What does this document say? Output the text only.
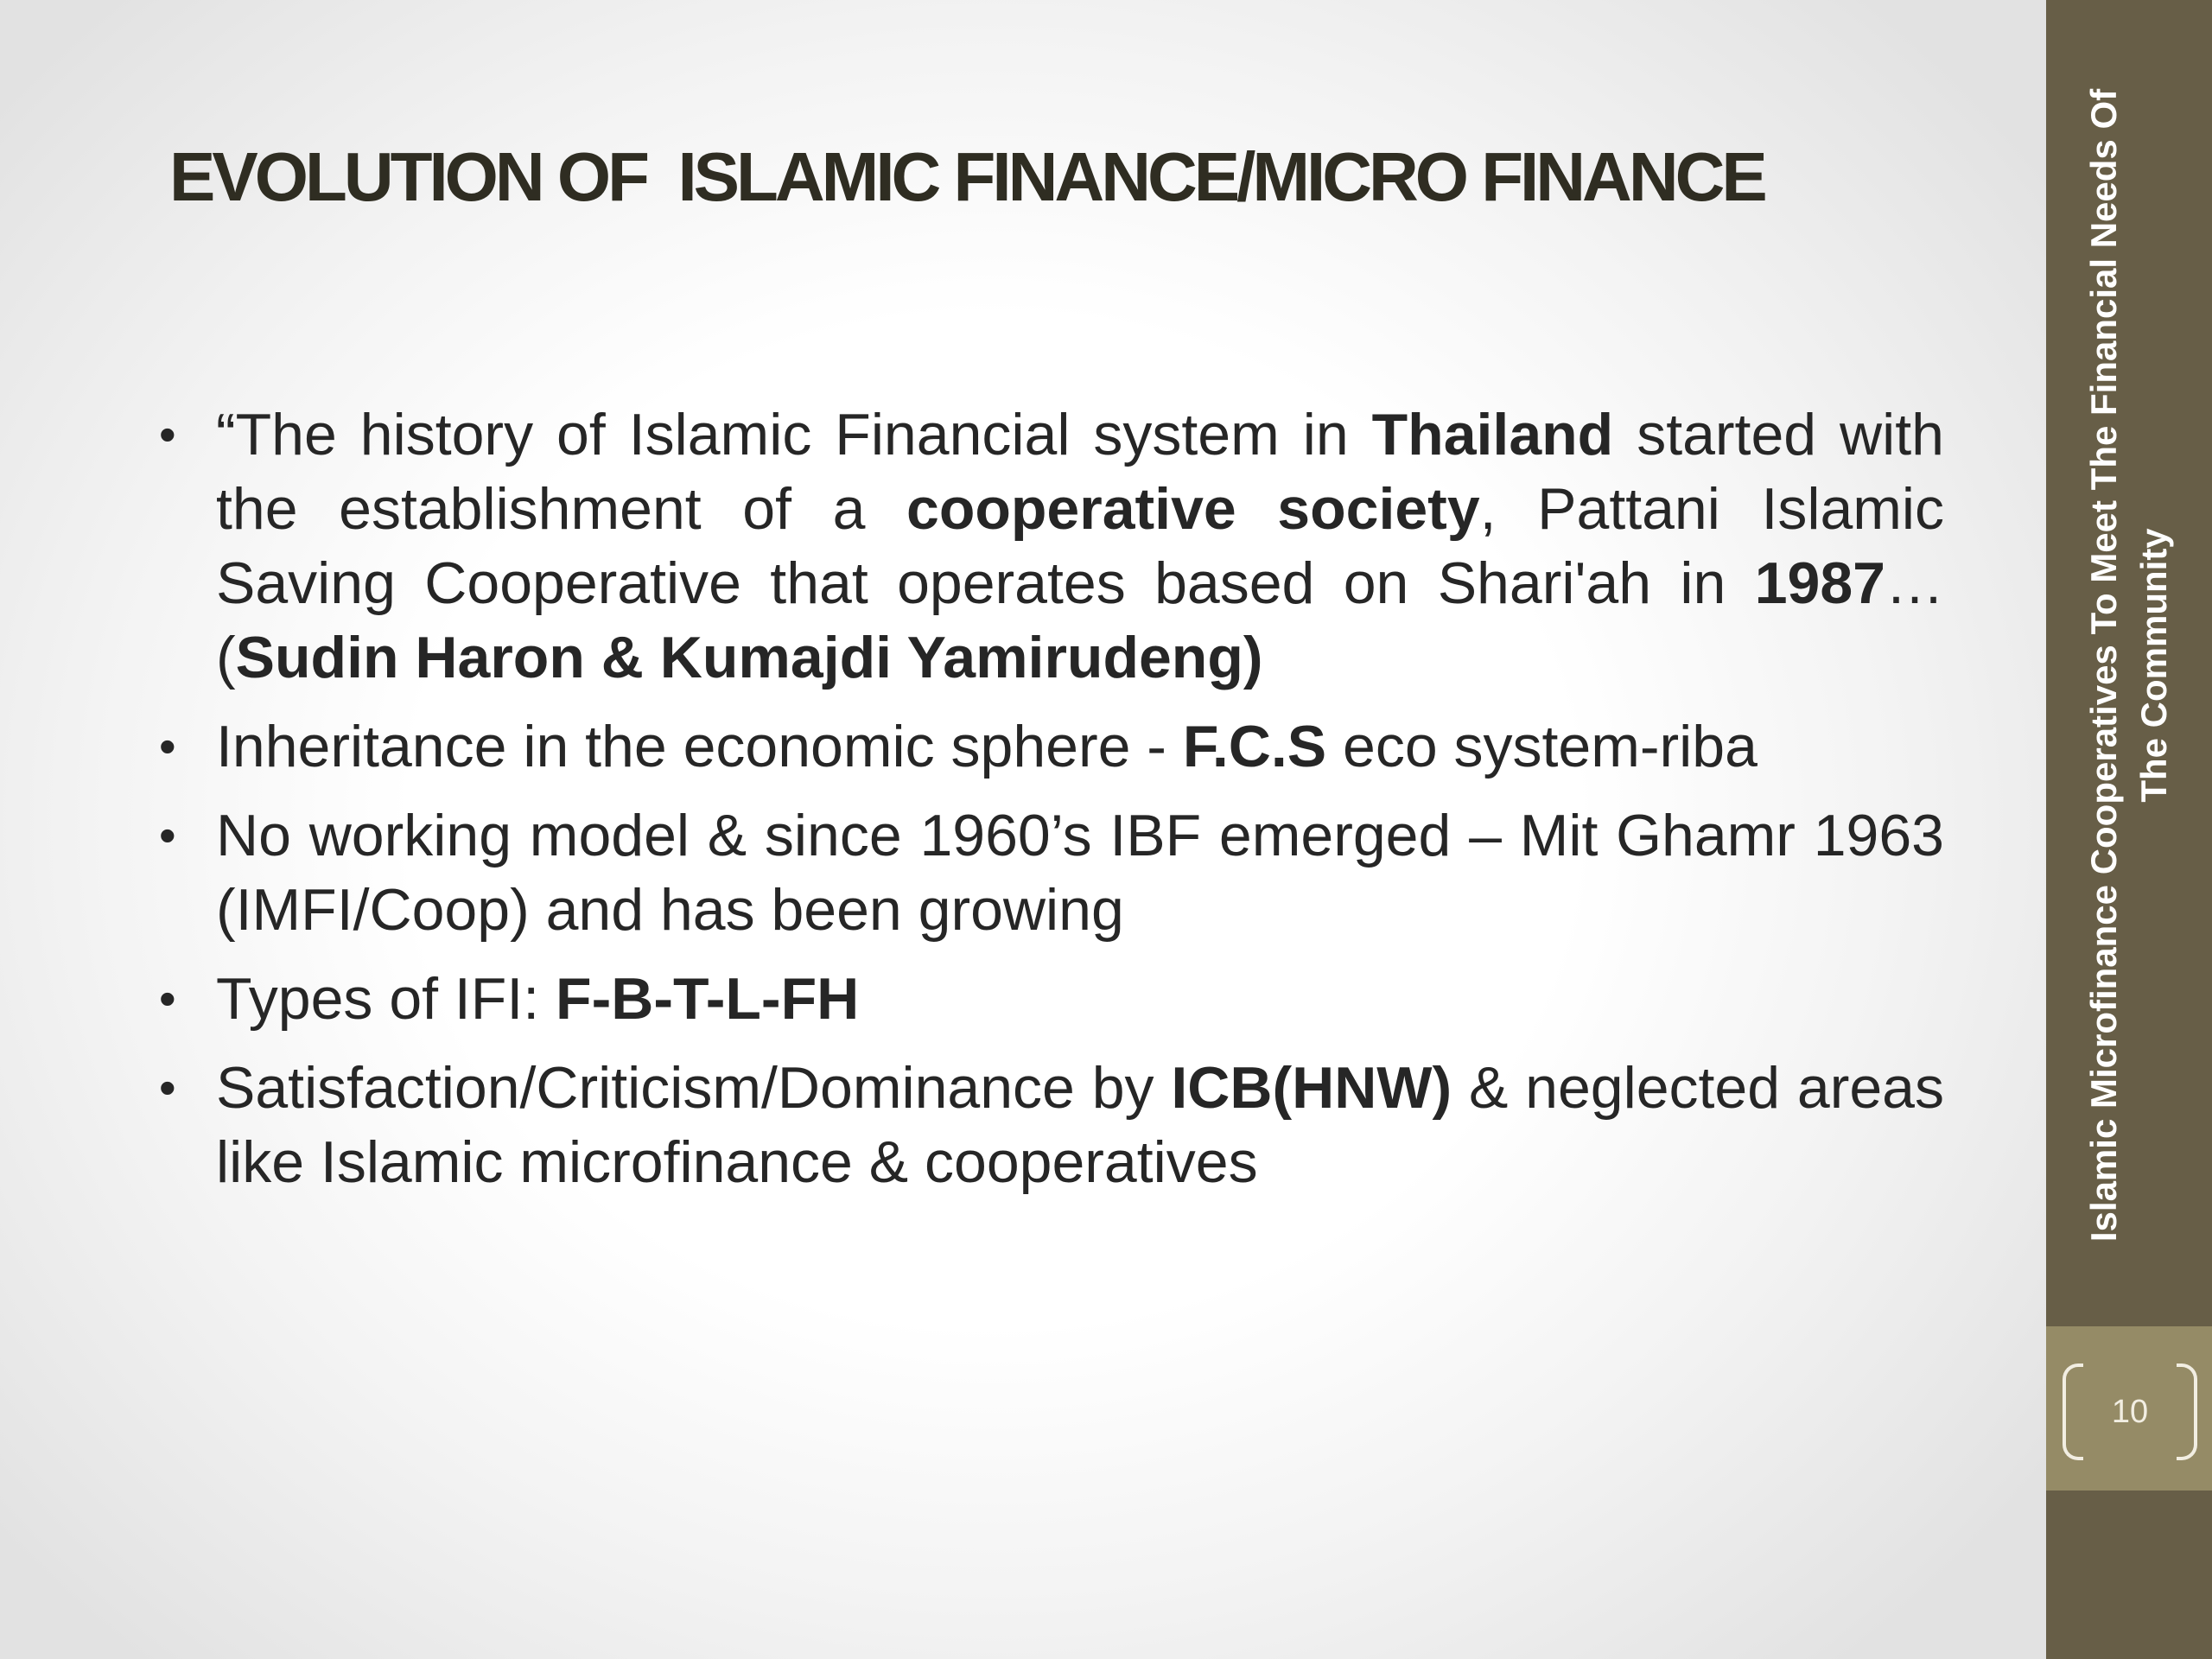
EVOLUTION OF  ISLAMIC FINANCE/MICRO FINANCE
• “The history of Islamic Financial system in Thailand started with the establishment of a cooperative society, Pattani Islamic Saving Cooperative that operates based on Shari'ah in 1987… (Sudin Haron & Kumajdi Yamirudeng)
• Inheritance in the economic sphere - F.C.S eco system-riba
• No working model & since 1960’s IBF emerged – Mit Ghamr 1963 (IMFI/Coop) and has been growing
• Types of IFI: F-B-T-L-FH
• Satisfaction/Criticism/Dominance by ICB(HNW) & neglected areas like Islamic microfinance & cooperatives	Islamic Microfinance Cooperatives To Meet The Financial Needs Of The Community
10
